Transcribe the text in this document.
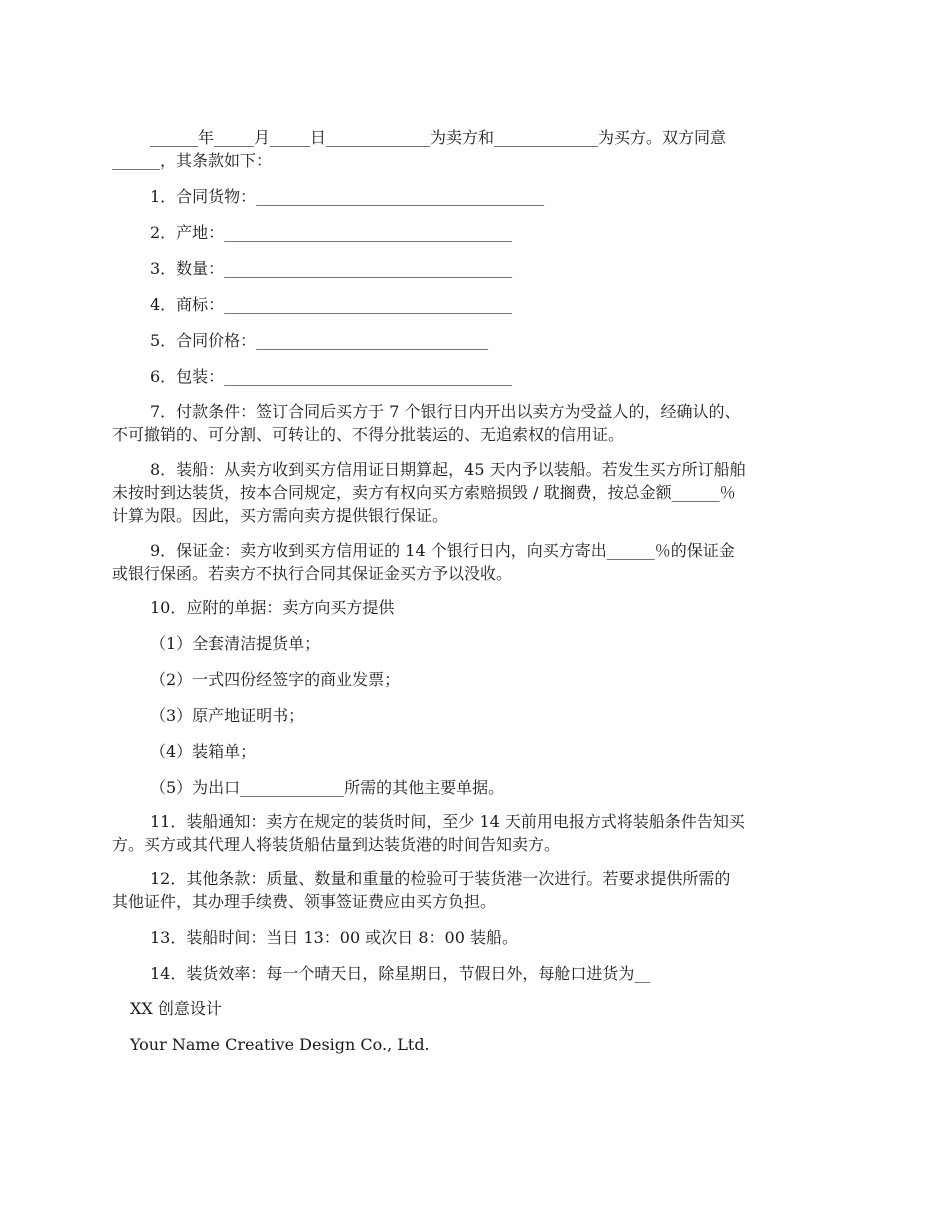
______年_____月_____日_____________为卖方和_____________为买方。双方同意

______，其条款如下：

1．合同货物：____________________________________

2．产地：____________________________________

3．数量：____________________________________

4．商标：____________________________________

5．合同价格：_____________________________

6．包装：____________________________________

7．付款条件：签订合同后买方于 7 个银行日内开出以卖方为受益人的，经确认的、

不可撤销的、可分割、可转让的、不得分批装运的、无追索权的信用证。

8．装船：从卖方收到买方信用证日期算起，45 天内予以装船。若发生买方所订船舶

未按时到达装货，按本合同规定，卖方有权向买方索赔损毁 / 耽搁费，按总金额______％

计算为限。因此，买方需向卖方提供银行保证。

9．保证金：卖方收到买方信用证的 14 个银行日内，向买方寄出______％的保证金

或银行保函。若卖方不执行合同其保证金买方予以没收。

10．应附的单据：卖方向买方提供

（1）全套清洁提货单；

（2）一式四份经签字的商业发票；

（3）原产地证明书；

（4）装箱单；

（5）为出口_____________所需的其他主要单据。

11．装船通知：卖方在规定的装货时间，至少 14 天前用电报方式将装船条件告知买

方。买方或其代理人将装货船估量到达装货港的时间告知卖方。

12．其他条款：质量、数量和重量的检验可于装货港一次进行。若要求提供所需的

其他证件，其办理手续费、领事签证费应由买方负担。

13．装船时间：当日 13：00 或次日 8：00 装船。

14．装货效率：每一个晴天日，除星期日，节假日外，每舱口进货为__

XX 创意设计

Your Name Creative Design Co., Ltd.
